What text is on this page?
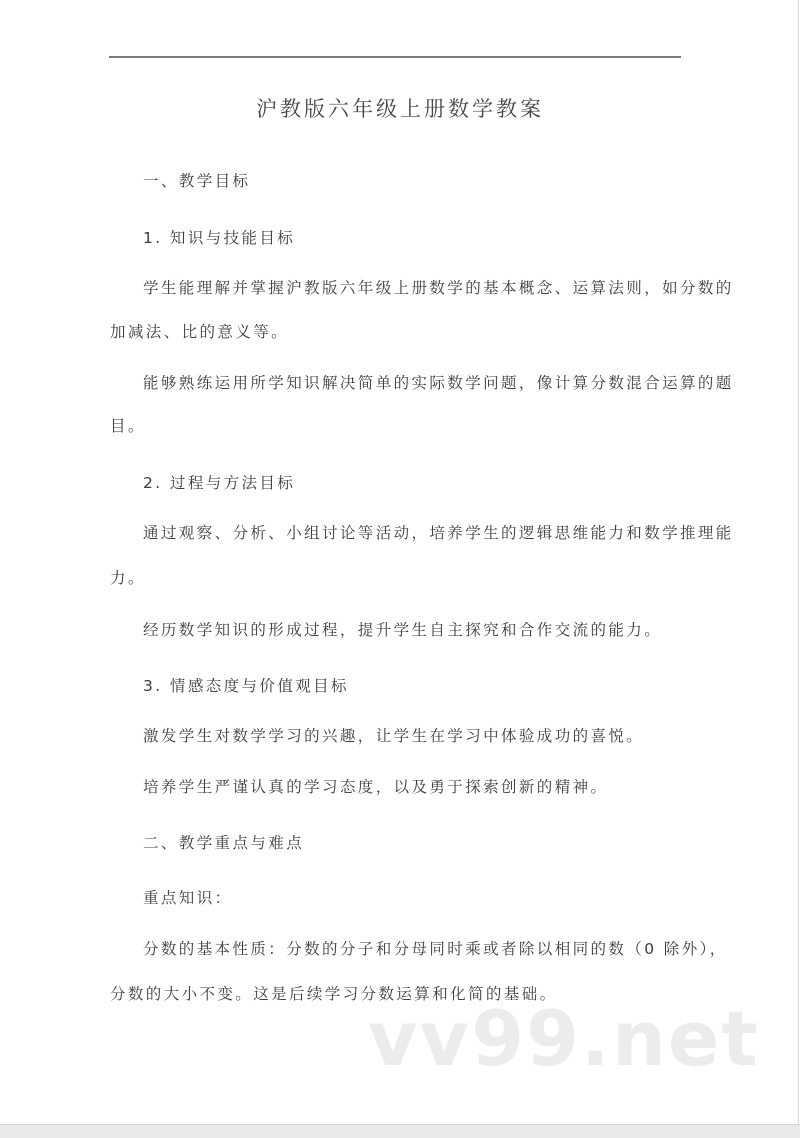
沪教版六年级上册数学教案
一、教学目标
1. 知识与技能目标
学生能理解并掌握沪教版六年级上册数学的基本概念、运算法则，如分数的
加减法、比的意义等。
能够熟练运用所学知识解决简单的实际数学问题，像计算分数混合运算的题
目。
2. 过程与方法目标
通过观察、分析、小组讨论等活动，培养学生的逻辑思维能力和数学推理能
力。
经历数学知识的形成过程，提升学生自主探究和合作交流的能力。
3. 情感态度与价值观目标
激发学生对数学学习的兴趣，让学生在学习中体验成功的喜悦。
培养学生严谨认真的学习态度，以及勇于探索创新的精神。
二、教学重点与难点
重点知识：
分数的基本性质：分数的分子和分母同时乘或者除以相同的数（0 除外），
分数的大小不变。这是后续学习分数运算和化简的基础。
vv99.net
